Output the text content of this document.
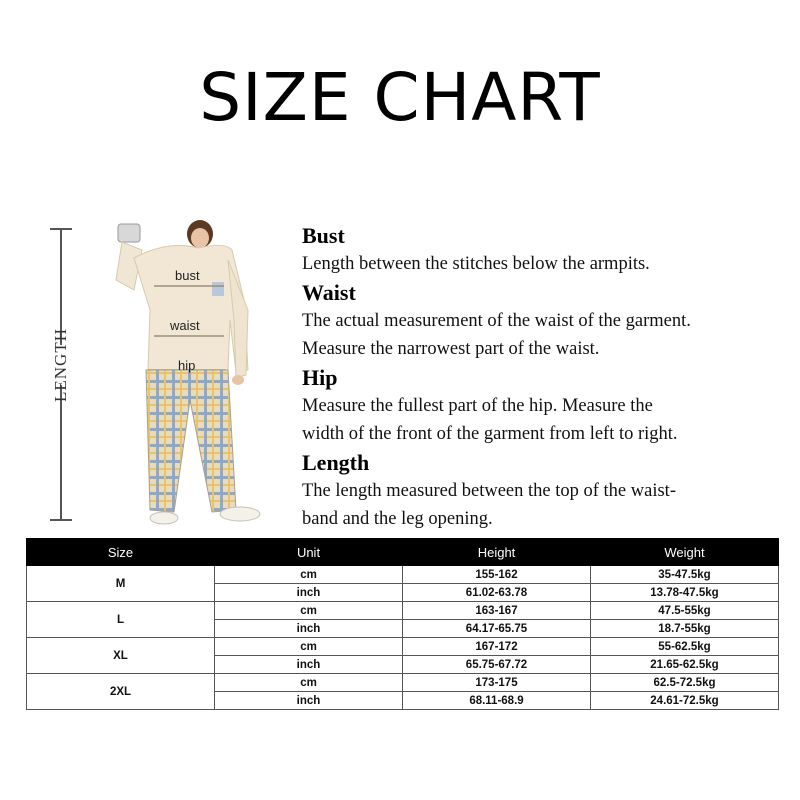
SIZE CHART
LENGTH
bust
waist
hip
Bust
Length between the stitches below the armpits.
Waist
The actual measurement of the waist of the garment.
Measure the narrowest part of the waist.
Hip
Measure the fullest part of the hip. Measure the
width of the front of the garment from left to right.
Length
The length measured between the top of the waist-
band and the leg opening.
Size	Unit	Height	Weight
M	cm	155-162	35-47.5kg
	inch	61.02-63.78	13.78-47.5kg
L	cm	163-167	47.5-55kg
	inch	64.17-65.75	18.7-55kg
XL	cm	167-172	55-62.5kg
	inch	65.75-67.72	21.65-62.5kg
2XL	cm	173-175	62.5-72.5kg
	inch	68.11-68.9	24.61-72.5kg
